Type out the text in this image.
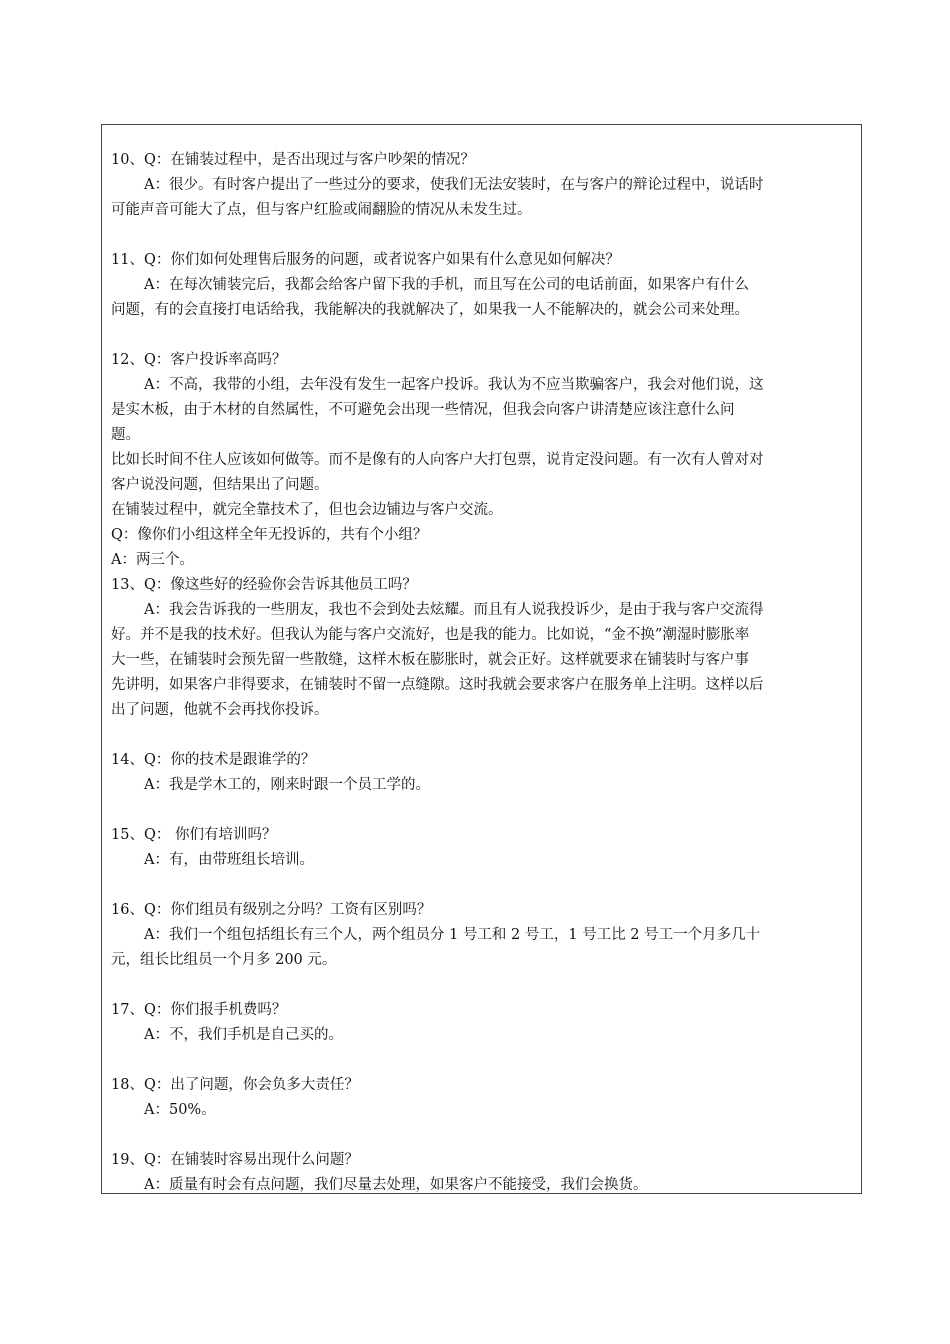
10、Q：在铺装过程中，是否出现过与客户吵架的情况？

A：很少。有时客户提出了一些过分的要求，使我们无法安装时，在与客户的辩论过程中，说话时

可能声音可能大了点，但与客户红脸或闹翻脸的情况从未发生过。

11、Q：你们如何处理售后服务的问题，或者说客户如果有什么意见如何解决？

A：在每次铺装完后，我都会给客户留下我的手机，而且写在公司的电话前面，如果客户有什么

问题，有的会直接打电话给我，我能解决的我就解决了，如果我一人不能解决的，就会公司来处理。

12、Q：客户投诉率高吗？

A：不高，我带的小组，去年没有发生一起客户投诉。我认为不应当欺骗客户，我会对他们说，这

是实木板，由于木材的自然属性，不可避免会出现一些情况，但我会向客户讲清楚应该注意什么问

题。

比如长时间不住人应该如何做等。而不是像有的人向客户大打包票，说肯定没问题。有一次有人曾对对

客户说没问题，但结果出了问题。

在铺装过程中，就完全靠技术了，但也会边铺边与客户交流。

Q：像你们小组这样全年无投诉的，共有个小组？

A：两三个。

13、Q：像这些好的经验你会告诉其他员工吗？

A：我会告诉我的一些朋友，我也不会到处去炫耀。而且有人说我投诉少，是由于我与客户交流得

好。并不是我的技术好。但我认为能与客户交流好，也是我的能力。比如说，“金不换”潮湿时膨胀率

大一些，在铺装时会预先留一些散缝，这样木板在膨胀时，就会正好。这样就要求在铺装时与客户事

先讲明，如果客户非得要求，在铺装时不留一点缝隙。这时我就会要求客户在服务单上注明。这样以后

出了问题，他就不会再找你投诉。

14、Q：你的技术是跟谁学的？

A：我是学木工的，刚来时跟一个员工学的。

15、Q： 你们有培训吗？

A：有，由带班组长培训。

16、Q：你们组员有级别之分吗？工资有区别吗？

A：我们一个组包括组长有三个人，两个组员分 1 号工和 2 号工，1 号工比 2 号工一个月多几十

元，组长比组员一个月多 200 元。

17、Q：你们报手机费吗？

A：不，我们手机是自己买的。

18、Q：出了问题，你会负多大责任？

A：50%。

19、Q：在铺装时容易出现什么问题？

A：质量有时会有点问题，我们尽量去处理，如果客户不能接受，我们会换货。
